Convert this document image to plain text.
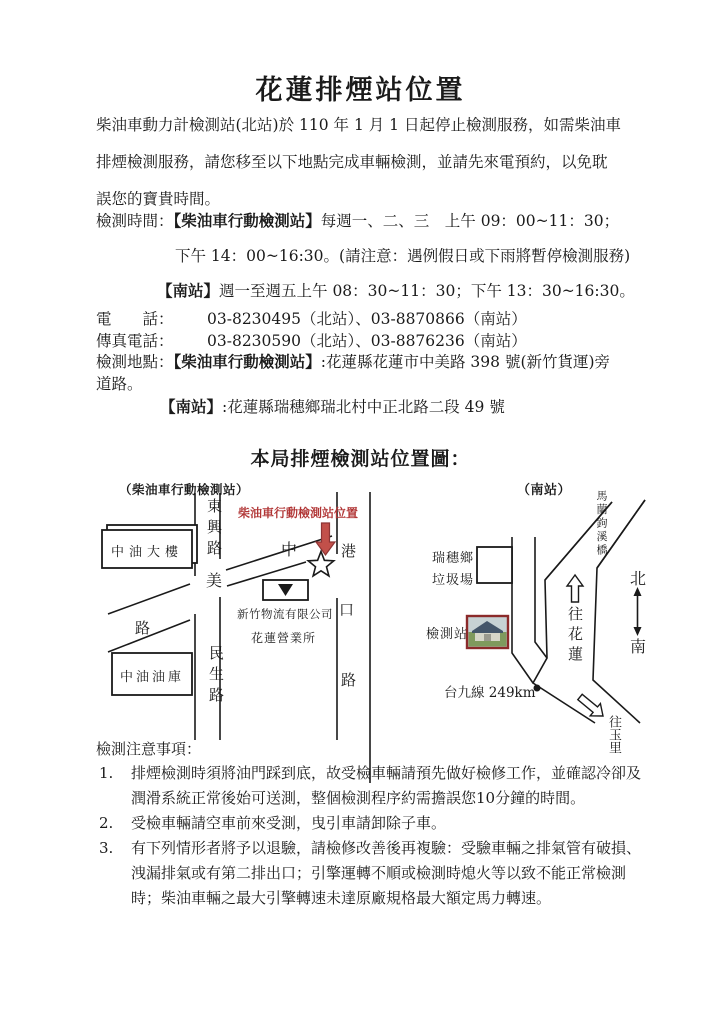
花蓮排煙站位置
柴油車動力計檢測站(北站)於 110 年 1 月 1 日起停止檢測服務，如需柴油車
排煙檢測服務，請您移至以下地點完成車輛檢測，並請先來電預約，以免耽
誤您的寶貴時間。
檢測時間：【柴油車行動檢測站】每週一、二、三　上午 09：00~11：30；
下午 14：00~16:30。(請注意：遇例假日或下雨將暫停檢測服務)
【南站】週一至週五上午 08：30~11：30；下午 13：30~16:30。
電　　話： 03-8230495（北站）、03-8870866（南站）
傳真電話： 03-8230590（北站）、03-8876236（南站）
檢測地點：【柴油車行動檢測站】:花蓮縣花蓮市中美路 398 號(新竹貨運)旁
道路。
【南站】:花蓮縣瑞穗鄉瑞北村中正北路二段 49 號
本局排煙檢測站位置圖：
（柴油車行動檢測站）
柴油車行動檢測站位置
東興路
美
民生路
港
口
路
中
路
中油大樓
中油油庫
新竹物流有限公司
花蓮營業所
（南站） 馬蘭鉤溪橋
瑞穗鄉
垃圾場
檢測站
台九線 249km
往花蓮
北
南
往玉里
檢測注意事項：
1. 排煙檢測時須將油門踩到底，故受檢車輛請預先做好檢修工作，並確認冷卻及
潤滑系統正常後始可送測，整個檢測程序約需擔誤您10分鐘的時間。
2. 受檢車輛請空車前來受測，曳引車請卸除子車。
3. 有下列情形者將予以退驗，請檢修改善後再複驗：受驗車輛之排氣管有破損、
洩漏排氣或有第二排出口；引擎運轉不順或檢測時熄火等以致不能正常檢測
時；柴油車輛之最大引擎轉速未達原廠規格最大額定馬力轉速。
